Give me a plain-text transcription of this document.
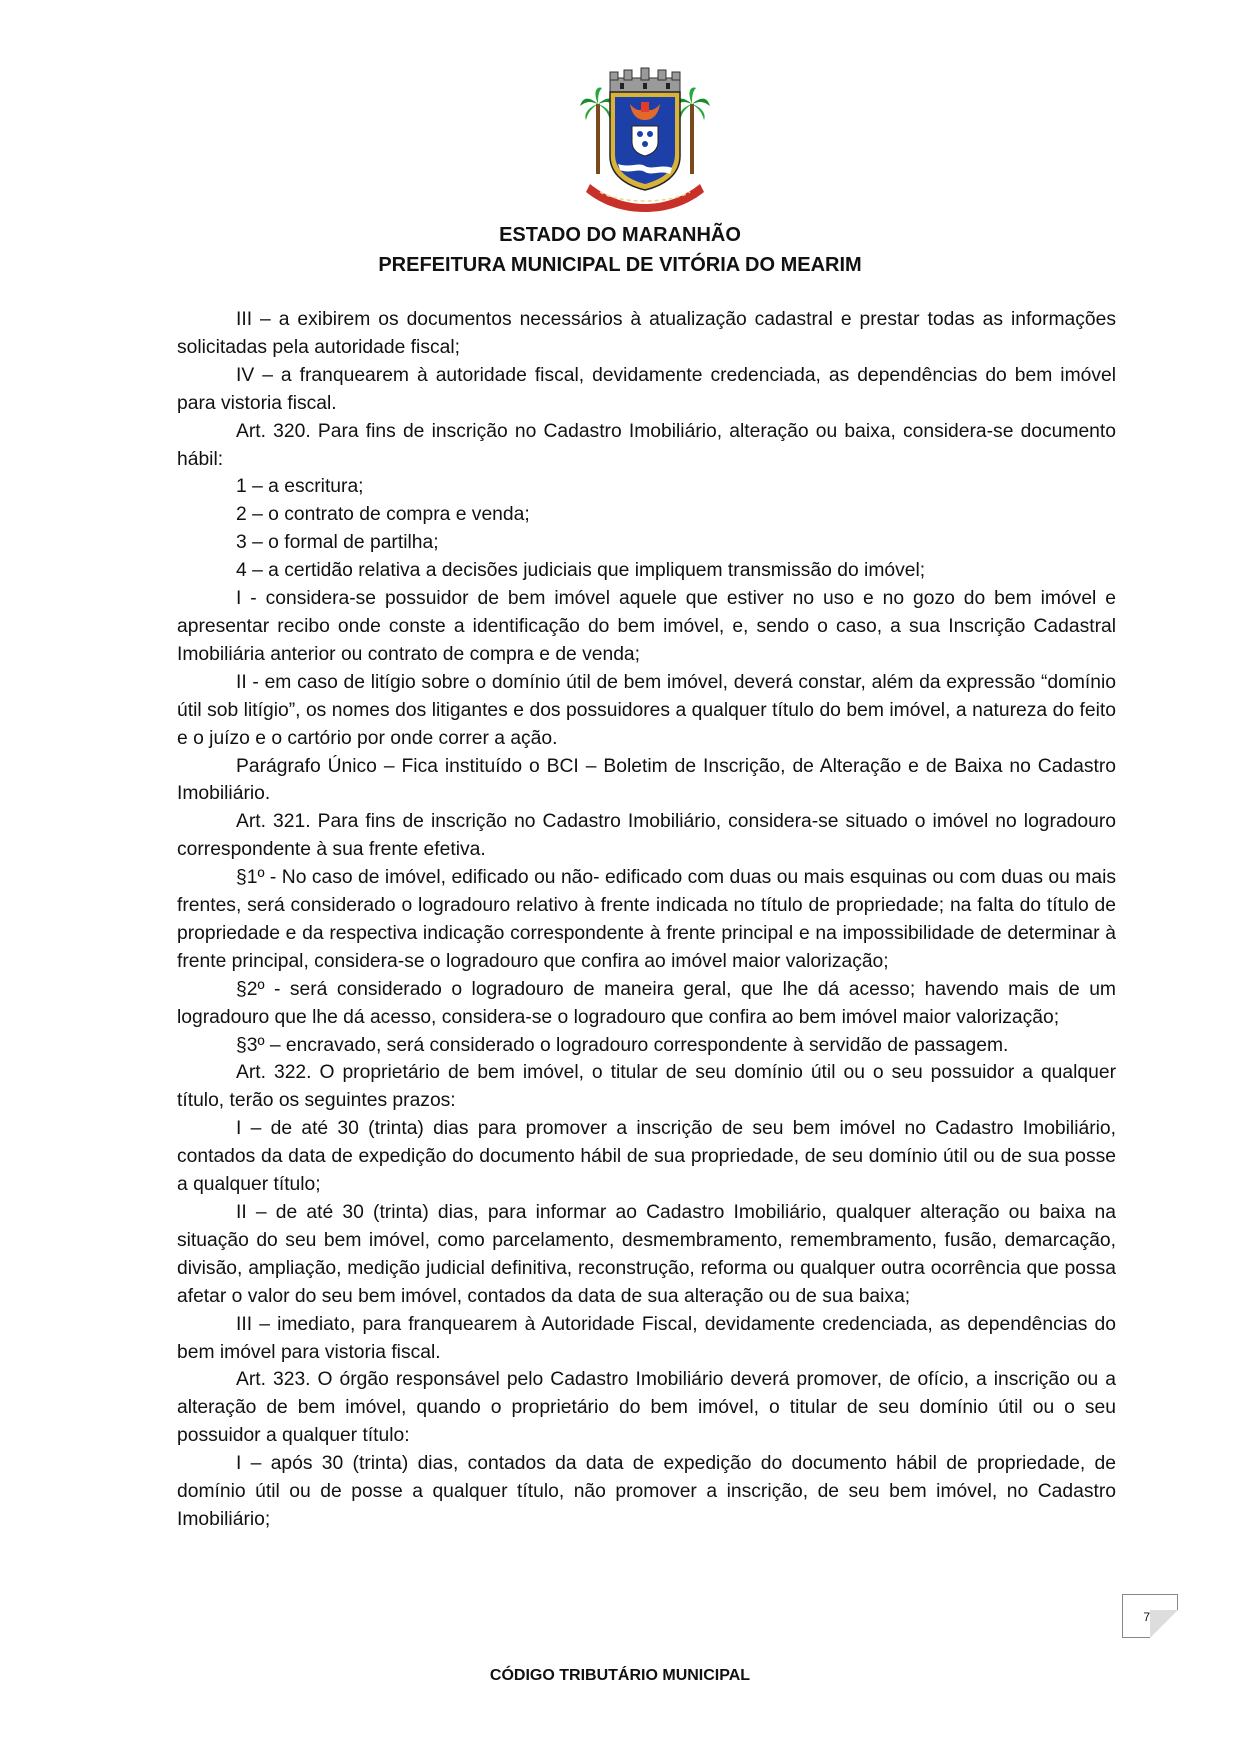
ESTADO DO MARANHÃO
PREFEITURA MUNICIPAL DE VITÓRIA DO MEARIM

III – a exibirem os documentos necessários à atualização cadastral e prestar todas as informações solicitadas pela autoridade fiscal;

IV – a franquearem à autoridade fiscal, devidamente credenciada, as dependências do bem imóvel para vistoria fiscal.

Art. 320. Para fins de inscrição no Cadastro Imobiliário, alteração ou baixa, considera-se documento hábil:

1 – a escritura;

2 – o contrato de compra e venda;

3 – o formal de partilha;

4 – a certidão relativa a decisões judiciais que impliquem transmissão do imóvel;

I - considera-se possuidor de bem imóvel aquele que estiver no uso e no gozo do bem imóvel e apresentar recibo onde conste a identificação do bem imóvel, e, sendo o caso, a sua Inscrição Cadastral Imobiliária anterior ou contrato de compra e de venda;

II - em caso de litígio sobre o domínio útil de bem imóvel, deverá constar, além da expressão “domínio útil sob litígio”, os nomes dos litigantes e dos possuidores a qualquer título do bem imóvel, a natureza do feito e o juízo e o cartório por onde correr a ação.

Parágrafo Único – Fica instituído o BCI – Boletim de Inscrição, de Alteração e de Baixa no Cadastro Imobiliário.

Art. 321. Para fins de inscrição no Cadastro Imobiliário, considera-se situado o imóvel no logradouro correspondente à sua frente efetiva.

§1º - No caso de imóvel, edificado ou não- edificado com duas ou mais esquinas ou com duas ou mais frentes, será considerado o logradouro relativo à frente indicada no título de propriedade; na falta do título de propriedade e da respectiva indicação correspondente à frente principal e na impossibilidade de determinar à frente principal, considera-se o logradouro que confira ao imóvel maior valorização;

§2º - será considerado o logradouro de maneira geral, que lhe dá acesso; havendo mais de um logradouro que lhe dá acesso, considera-se o logradouro que confira ao bem imóvel maior valorização;

§3º – encravado, será considerado o logradouro correspondente à servidão de passagem.

Art. 322. O proprietário de bem imóvel, o titular de seu domínio útil ou o seu possuidor a qualquer título, terão os seguintes prazos:

I – de até 30 (trinta) dias para promover a inscrição de seu bem imóvel no Cadastro Imobiliário, contados da data de expedição do documento hábil de sua propriedade, de seu domínio útil ou de sua posse a qualquer título;

II – de até 30 (trinta) dias, para informar ao Cadastro Imobiliário, qualquer alteração ou baixa na situação do seu bem imóvel, como parcelamento, desmembramento, remembramento, fusão, demarcação, divisão, ampliação, medição judicial definitiva, reconstrução, reforma ou qualquer outra ocorrência que possa afetar o valor do seu bem imóvel, contados da data de sua alteração ou de sua baixa;

III – imediato, para franquearem à Autoridade Fiscal, devidamente credenciada, as dependências do bem imóvel para vistoria fiscal.

Art. 323. O órgão responsável pelo Cadastro Imobiliário deverá promover, de ofício, a inscrição ou a alteração de bem imóvel, quando o proprietário do bem imóvel, o titular de seu domínio útil ou o seu possuidor a qualquer título:

I – após 30 (trinta) dias, contados da data de expedição do documento hábil de propriedade, de domínio útil ou de posse a qualquer título, não promover a inscrição, de seu bem imóvel, no Cadastro Imobiliário;

73
CÓDIGO TRIBUTÁRIO MUNICIPAL
